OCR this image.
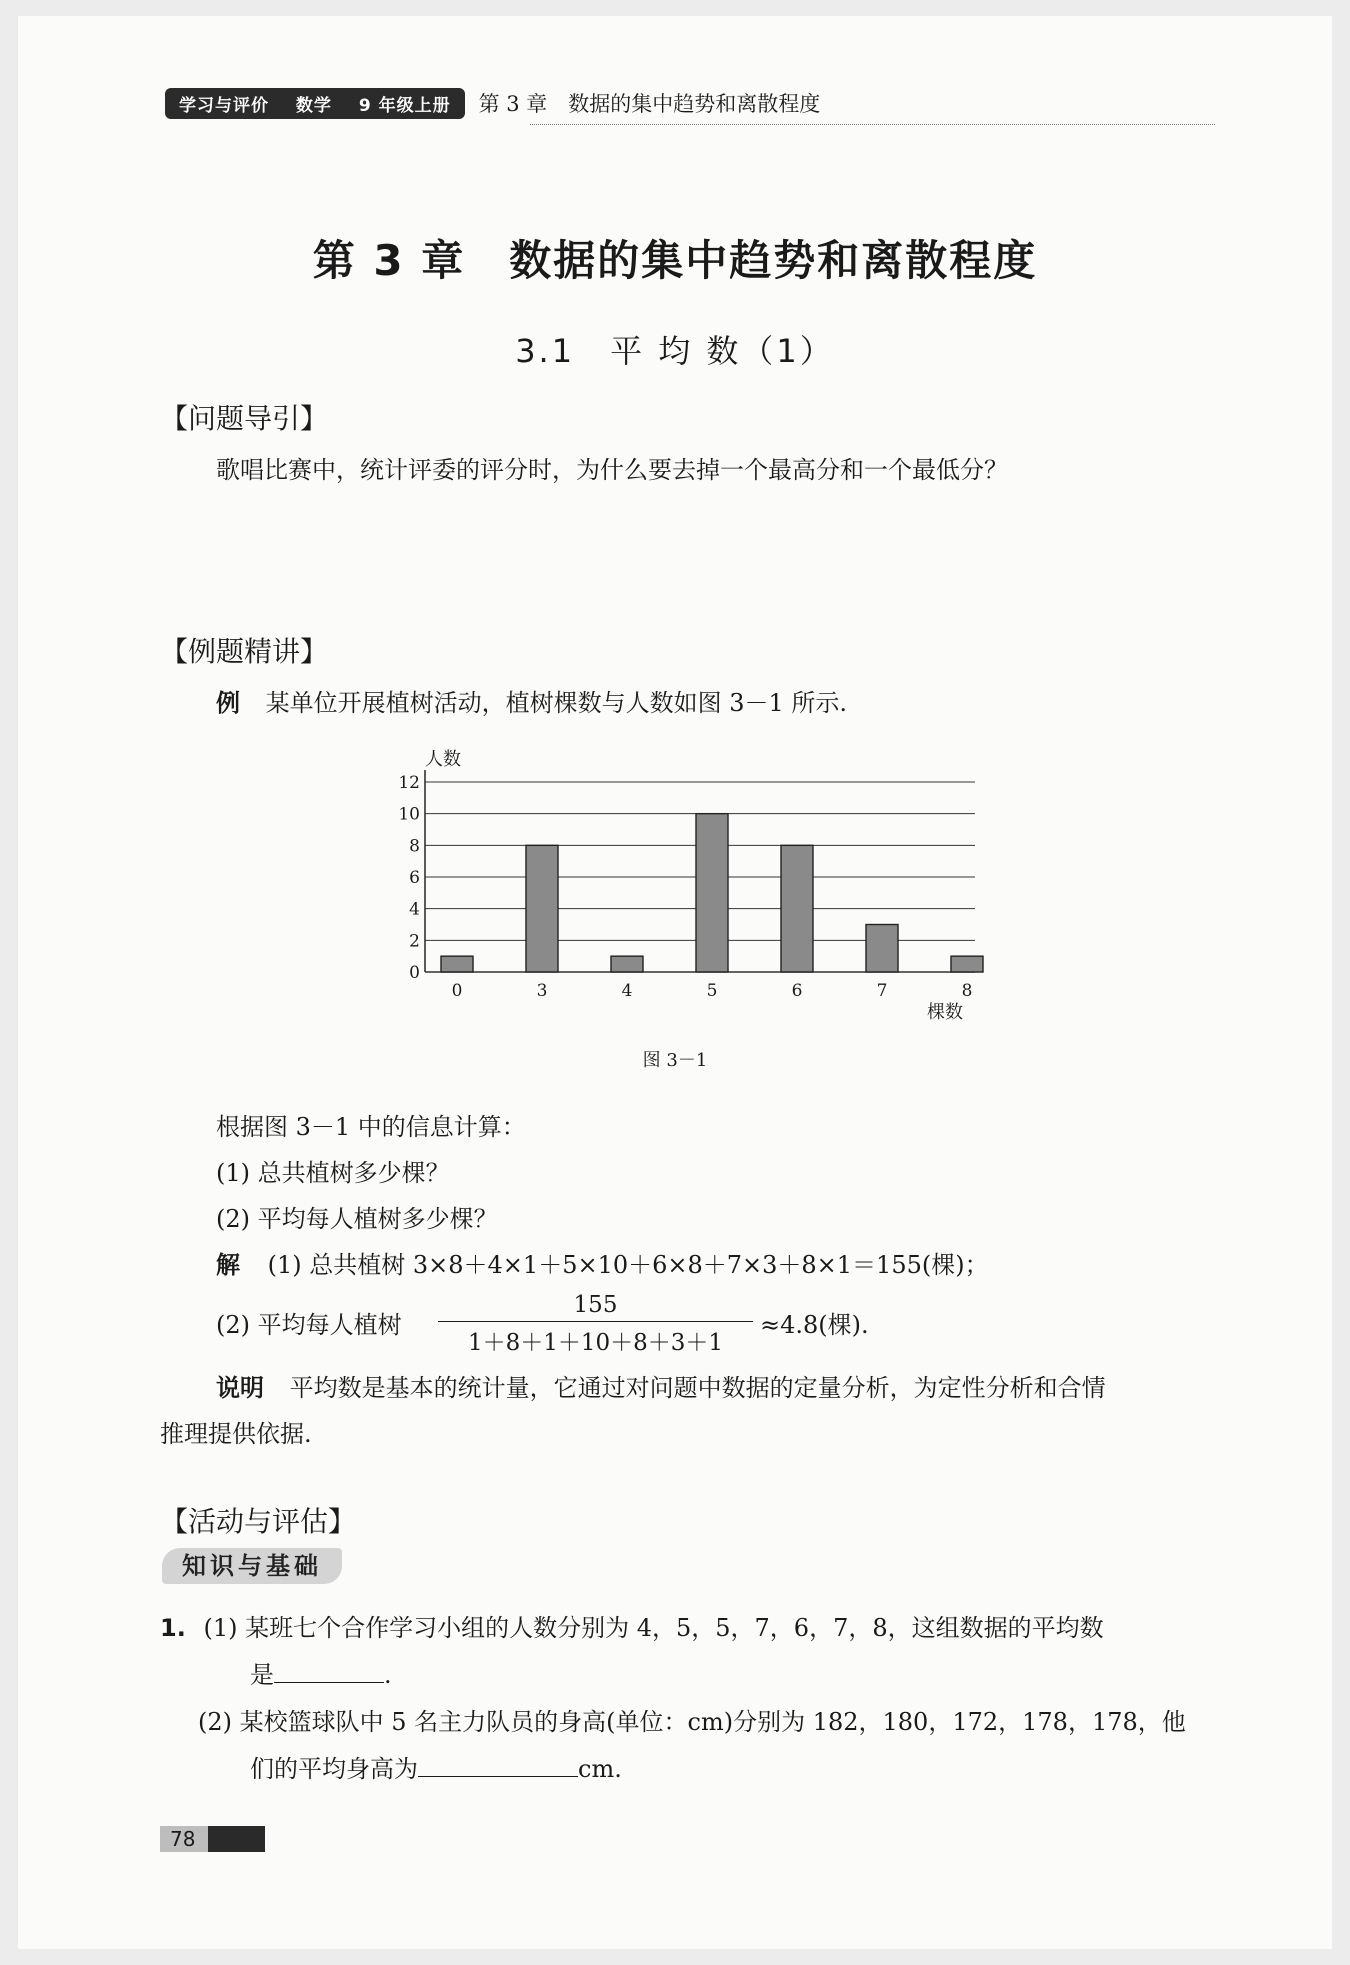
学习与评价 数学 9 年级上册	第 3 章　数据的集中趋势和离散程度
第 3 章　数据的集中趋势和离散程度
3.1　平 均 数（1）
【问题导引】
歌唱比赛中，统计评委的评分时，为什么要去掉一个最高分和一个最低分？
【例题精讲】
例 某单位开展植树活动，植树棵数与人数如图 3－1 所示.
0
2
4
6
8
10
12
0	3	4	5	6	7	8
人数
棵数
图 3－1
根据图 3－1 中的信息计算：
(1) 总共植树多少棵？
(2) 平均每人植树多少棵？
解 (1) 总共植树 3×8＋4×1＋5×10＋6×8＋7×3＋8×1＝155(棵)；
(2) 平均每人植树 $\frac{155}{1+8+1+10+8+3+1} \approx 4.8$(棵).
说明 平均数是基本的统计量，它通过对问题中数据的定量分析，为定性分析和合情
推理提供依据.
【活动与评估】
知识与基础
1. (1) 某班七个合作学习小组的人数分别为 4，5，5，7，6，7，8，这组数据的平均数
是	.
(2) 某校篮球队中 5 名主力队员的身高(单位：cm)分别为 182，180，172，178，178，他
们的平均身高为	cm.
78
